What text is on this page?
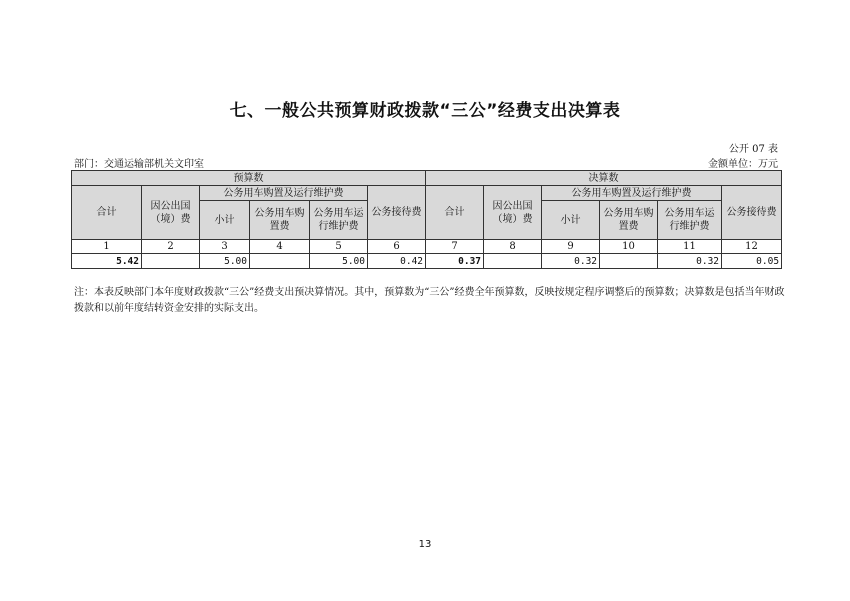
七、一般公共预算财政拨款“三公”经费支出决算表
公开 07 表
部门：交通运输部机关文印室	金额单位：万元
预算数						决算数					
合计	因公出国（境）费	公务用车购置及运行维护费			公务接待费	合计	因公出国（境）费	公务用车购置及运行维护费			公务接待费
		小计	公务用车购置费	公务用车运行维护费				小计	公务用车购置费	公务用车运行维护费	
1	2	3	4	5	6	7	8	9	10	11	12
5.42		5.00		5.00	0.42	0.37		0.32		0.32	0.05
注：本表反映部门本年度财政拨款“三公”经费支出预决算情况。其中，预算数为“三公”经费全年预算数，反映按规定程序调整后的预算数；决算数是包括当年财政拨款和以前年度结转资金安排的实际支出。
13
